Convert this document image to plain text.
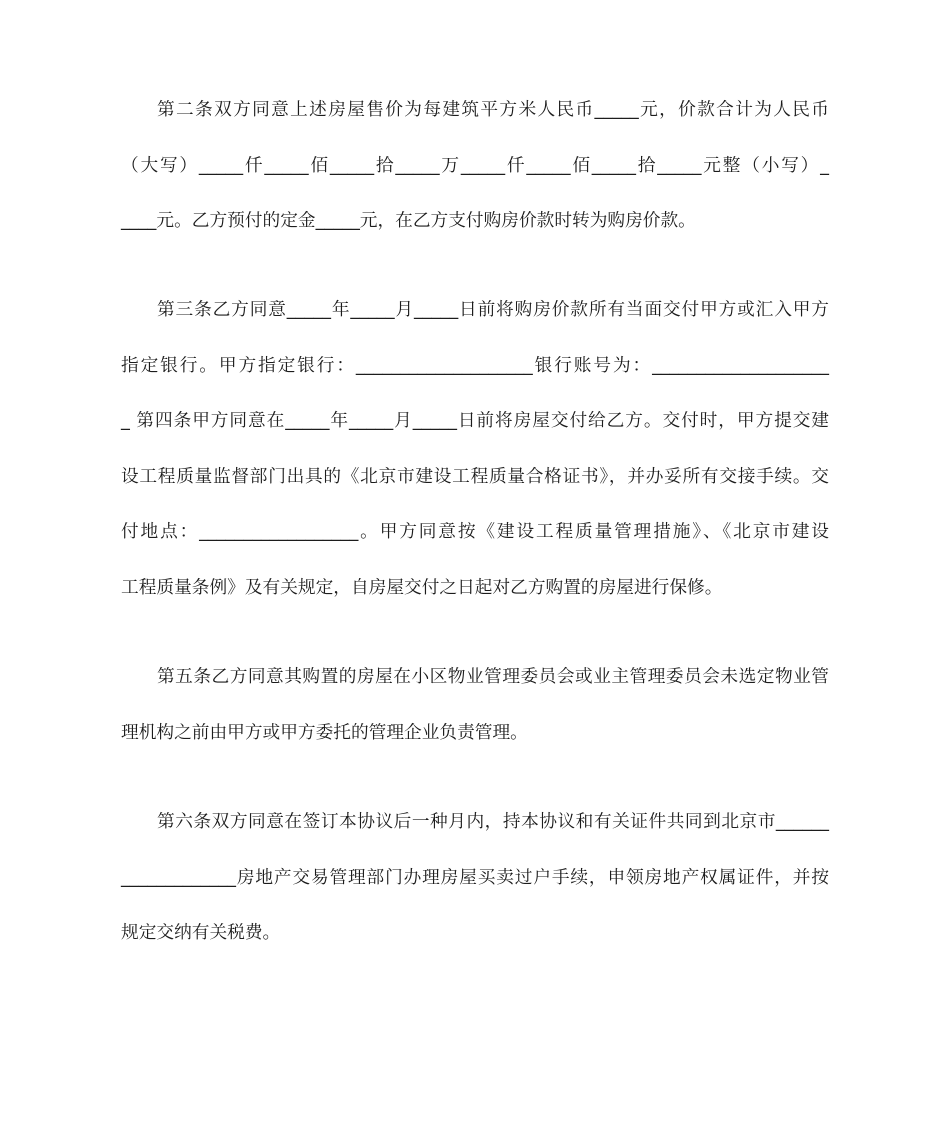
第二条双方同意上述房屋售价为每建筑平方米人民币_____元，价款合计为人民币
（大写）_____仟_____佰_____拾_____万_____仟_____佰_____拾_____元整（小写）_
____元。乙方预付的定金_____元，在乙方支付购房价款时转为购房价款。
第三条乙方同意_____年_____月_____日前将购房价款所有当面交付甲方或汇入甲方
指定银行。甲方指定银行：____________________银行账号为：____________________
_ 第四条甲方同意在_____年_____月_____日前将房屋交付给乙方。交付时，甲方提交建
设工程质量监督部门出具的《北京市建设工程质量合格证书》，并办妥所有交接手续。交
付地点：__________________。甲方同意按《建设工程质量管理措施》、《北京市建设
工程质量条例》及有关规定，自房屋交付之日起对乙方购置的房屋进行保修。
第五条乙方同意其购置的房屋在小区物业管理委员会或业主管理委员会未选定物业管
理机构之前由甲方或甲方委托的管理企业负责管理。
第六条双方同意在签订本协议后一种月内，持本协议和有关证件共同到北京市______
_____________房地产交易管理部门办理房屋买卖过户手续，申领房地产权属证件，并按
规定交纳有关税费。
